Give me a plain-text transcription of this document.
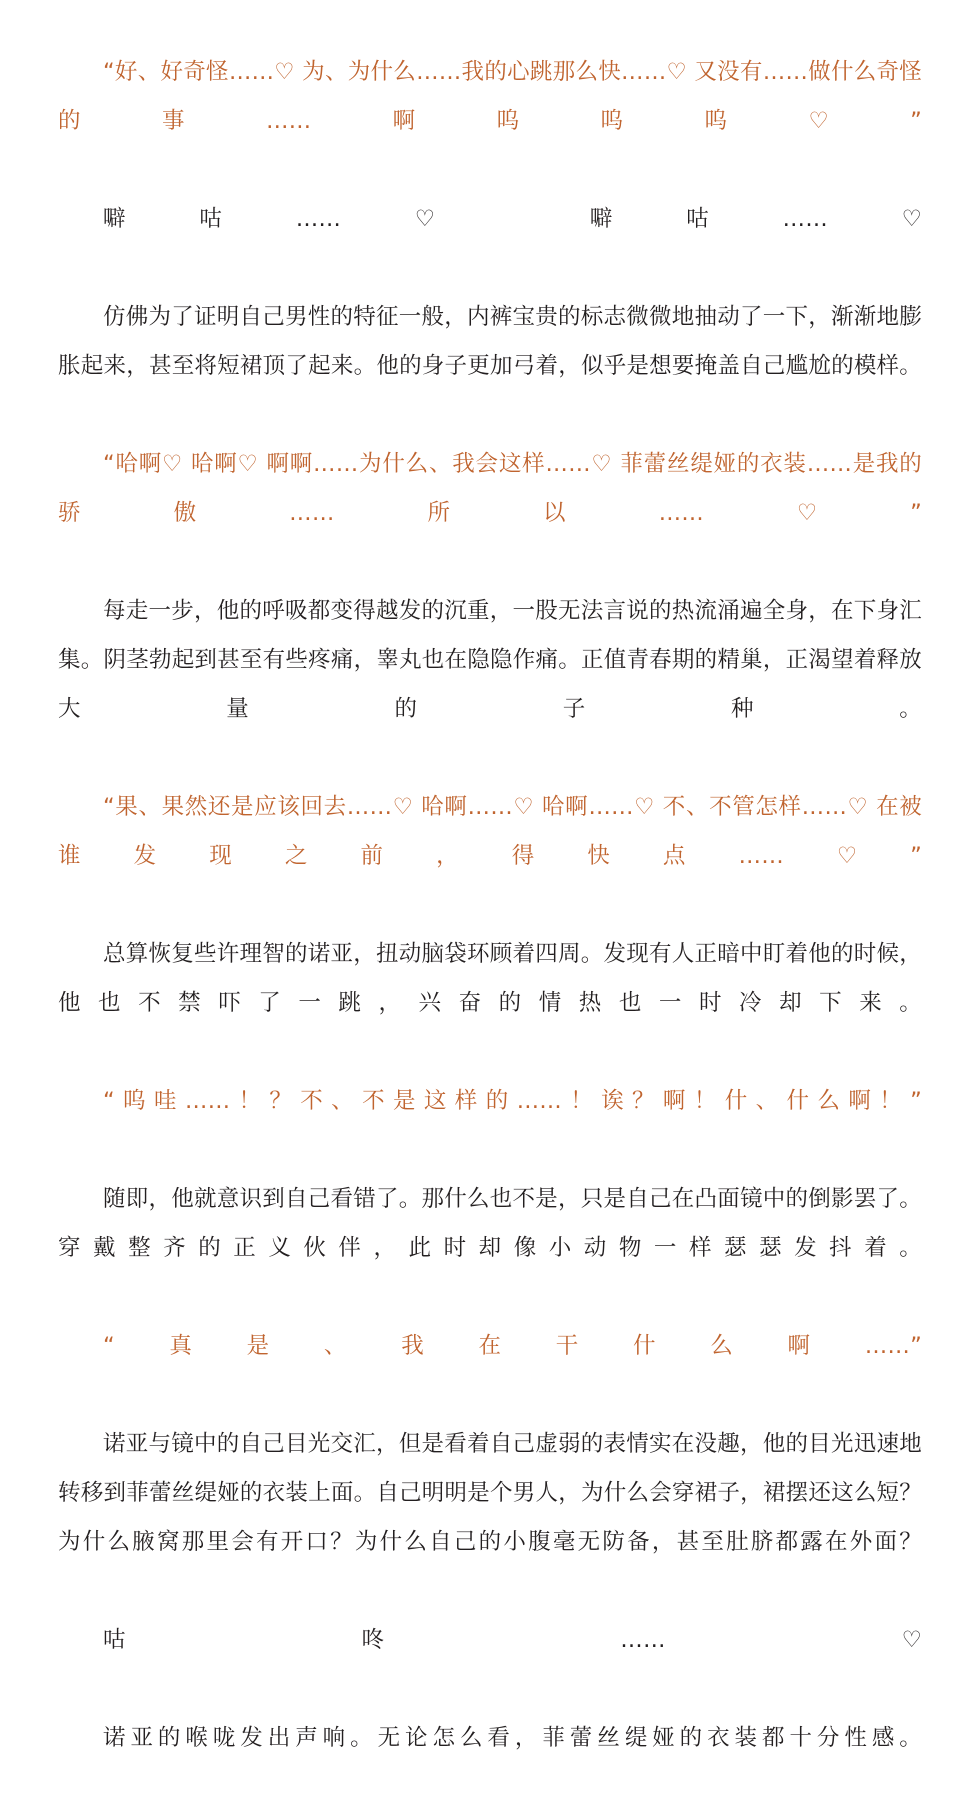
“好、好奇怪……♡ 为、为什么……我的心跳那么快……♡ 又没有……做什么奇怪的事……啊呜呜呜♡”

噼咕……♡ 噼咕……♡

仿佛为了证明自己男性的特征一般，内裤宝贵的标志微微地抽动了一下，渐渐地膨胀起来，甚至将短裙顶了起来。他的身子更加弓着，似乎是想要掩盖自己尴尬的模样。

“哈啊♡ 哈啊♡ 啊啊……为什么、我会这样……♡ 菲蕾丝缇娅的衣装……是我的骄傲……所以……♡”

每走一步，他的呼吸都变得越发的沉重，一股无法言说的热流涌遍全身，在下身汇集。阴茎勃起到甚至有些疼痛，睾丸也在隐隐作痛。正值青春期的精巢，正渴望着释放大量的子种。

“果、果然还是应该回去……♡ 哈啊……♡ 哈啊……♡ 不、不管怎样……♡ 在被谁发现之前，得快点……♡”

总算恢复些许理智的诺亚，扭动脑袋环顾着四周。发现有人正暗中盯着他的时候，他也不禁吓了一跳，兴奋的情热也一时冷却下来。

“呜哇……！？不、不是这样的……！诶？啊！什、什么啊！”

随即，他就意识到自己看错了。那什么也不是，只是自己在凸面镜中的倒影罢了。穿戴整齐的正义伙伴，此时却像小动物一样瑟瑟发抖着。

“真是、我在干什么啊……”

诺亚与镜中的自己目光交汇，但是看着自己虚弱的表情实在没趣，他的目光迅速地转移到菲蕾丝缇娅的衣装上面。自己明明是个男人，为什么会穿裙子，裙摆还这么短？为什么腋窝那里会有开口？为什么自己的小腹毫无防备，甚至肚脐都露在外面？

咕咚……♡

诺亚的喉咙发出声响。无论怎么看，菲蕾丝缇娅的衣装都十分性感。
